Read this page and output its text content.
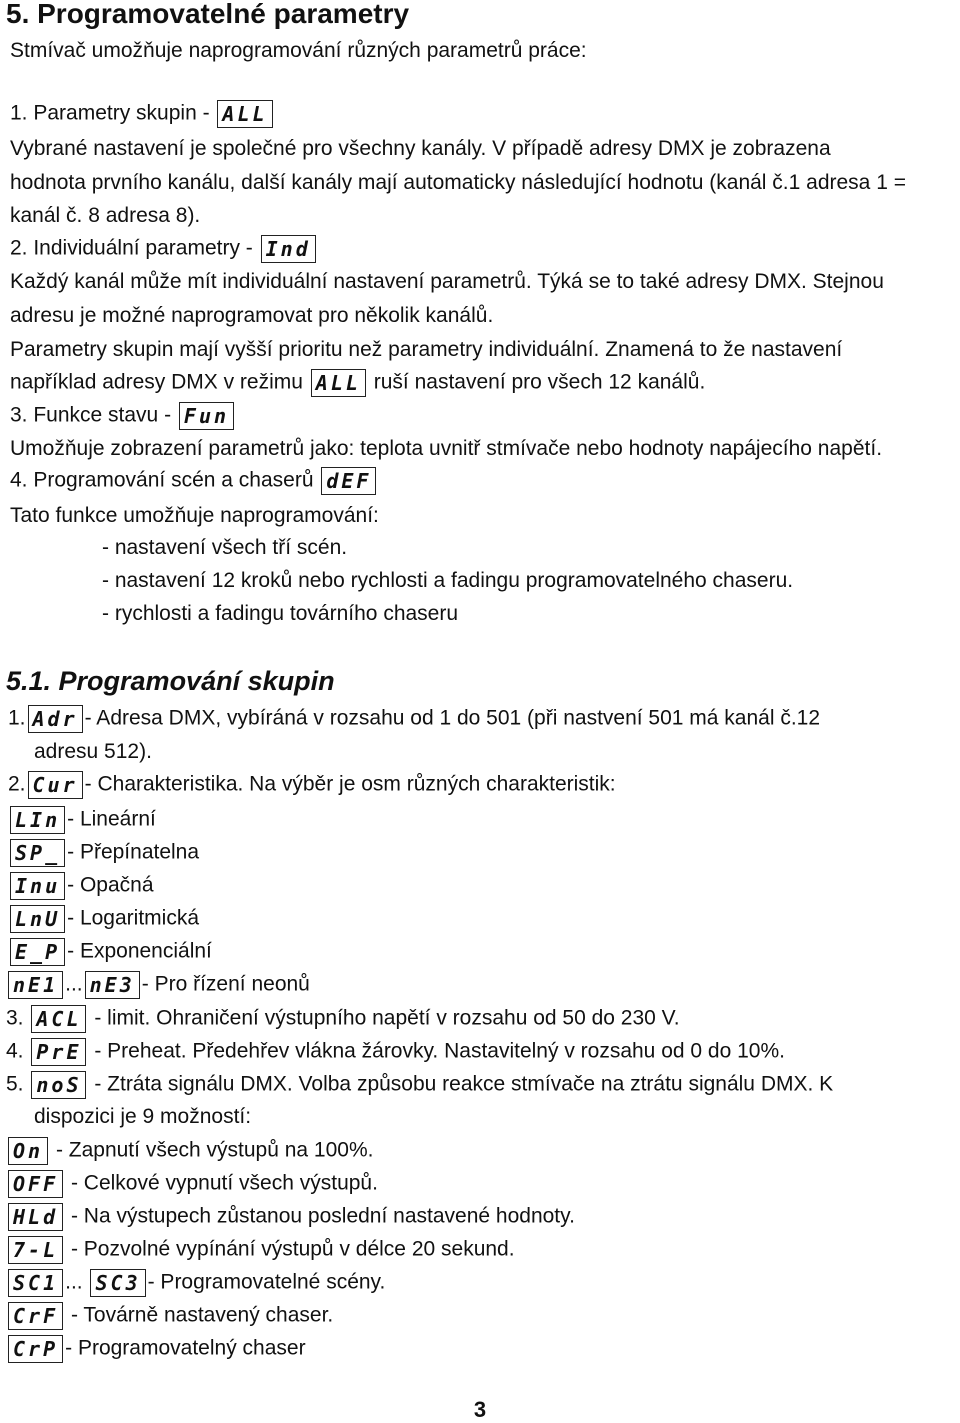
5. Programovatelné parametry
Stmívač umožňuje naprogramování různých parametrů práce:
1. Parametry skupin - ALL
Vybrané nastavení je společné pro všechny kanály. V případě adresy DMX je zobrazena
hodnota prvního kanálu, další kanály mají automaticky následující hodnotu (kanál č.1 adresa 1 =
kanál č. 8 adresa 8).
2. Individuální parametry - Ind
Každý kanál může mít individuální nastavení parametrů. Týká se to také adresy DMX. Stejnou
adresu je možné naprogramovat pro několik kanálů.
Parametry skupin mají vyšší prioritu než parametry individuální. Znamená to že nastavení
například adresy DMX v režimu ALL ruší nastavení pro všech 12 kanálů.
3. Funkce stavu - Fun
Umožňuje zobrazení parametrů jako: teplota uvnitř stmívače nebo hodnoty napájecího napětí.
4. Programování scén a chaserů dEF
Tato funkce umožňuje naprogramování:
- nastavení všech tří scén.
- nastavení 12 kroků nebo rychlosti a fadingu programovatelného chaseru.
- rychlosti a fadingu továrního chaseru
5.1. Programování skupin
1. Adr - Adresa DMX, vybíráná v rozsahu od 1 do 501 (při nastvení 501 má kanál č.12
adresu 512).
2. Cur - Charakteristika. Na výběr je osm různých charakteristik:
LIn - Lineární
SP_ - Přepínatelna
Inu - Opačná
LnU - Logaritmická
E_P - Exponenciální
nE1 ... nE3 - Pro řízení neonů
3. ACL - limit. Ohraničení výstupního napětí v rozsahu od 50 do 230 V.
4. PrE - Preheat. Předehřev vlákna žárovky. Nastavitelný v rozsahu od 0 do 10%.
5. noS - Ztráta signálu DMX. Volba způsobu reakce stmívače na ztrátu signálu DMX. K
dispozici je 9 možností:
On - Zapnutí všech výstupů na 100%.
OFF - Celkové vypnutí všech výstupů.
HLd - Na výstupech zůstanou poslední nastavené hodnoty.
7-L - Pozvolné vypínání výstupů v délce 20 sekund.
SC1 ... SC3 - Programovatelné scény.
CrF - Továrně nastavený chaser.
CrP - Programovatelný chaser
3
